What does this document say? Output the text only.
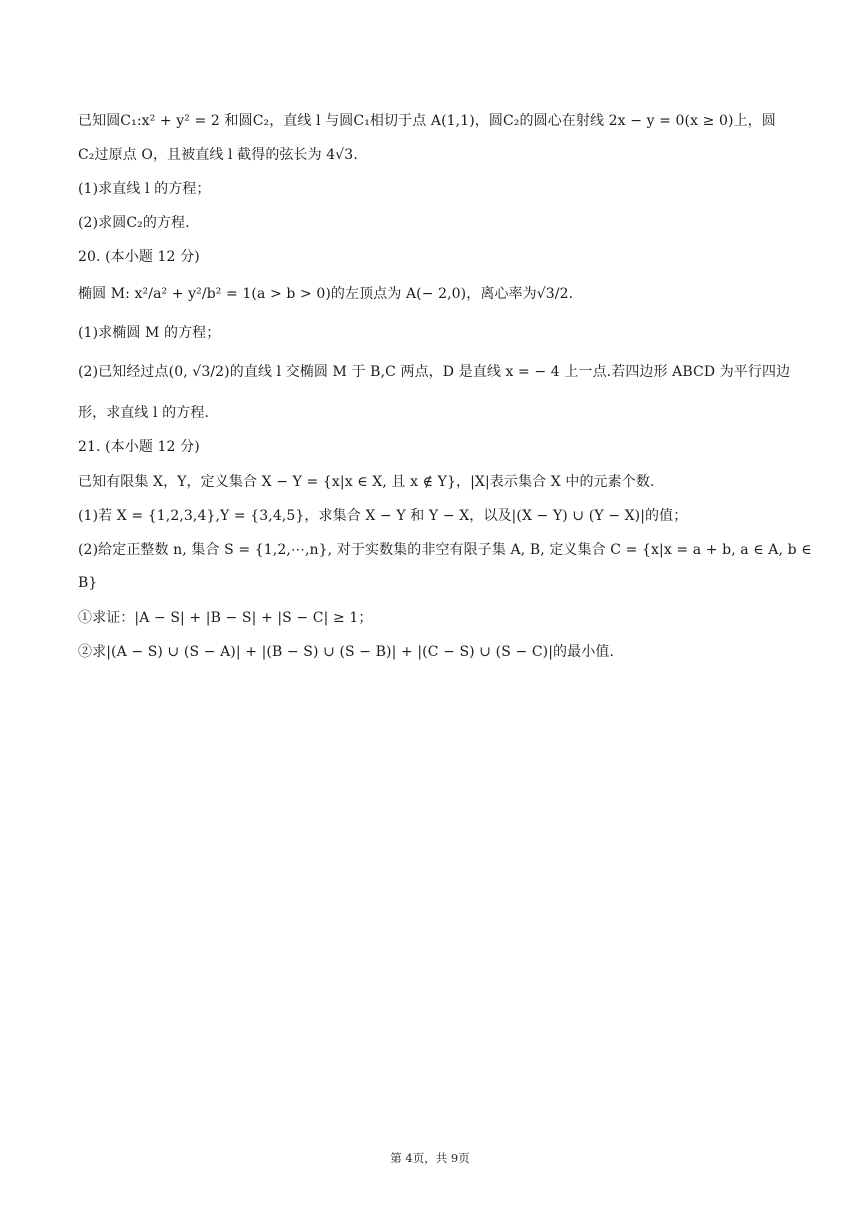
已知圆C₁:x² + y² = 2 和圆C₂，直线 l 与圆C₁相切于点 A(1,1)，圆C₂的圆心在射线 2x − y = 0(x ≥ 0)上，圆
C₂过原点 O，且被直线 l 截得的弦长为 4√3.
(1)求直线 l 的方程；
(2)求圆C₂的方程.
20. (本小题 12 分)
椭圆 M: x²/a² + y²/b² = 1(a > b > 0)的左顶点为 A(− 2,0)，离心率为√3/2.
(1)求椭圆 M 的方程；
(2)已知经过点(0, √3/2)的直线 l 交椭圆 M 于 B,C 两点，D 是直线 x = − 4 上一点.若四边形 ABCD 为平行四边
形，求直线 l 的方程.
21. (本小题 12 分)
已知有限集 X，Y，定义集合 X − Y = {x|x ∈ X, 且 x ∉ Y}，|X|表示集合 X 中的元素个数.
(1)若 X = {1,2,3,4},Y = {3,4,5}，求集合 X − Y 和 Y − X，以及|(X − Y) ∪ (Y − X)|的值；
(2)给定正整数 n, 集合 S = {1,2,⋯,n}, 对于实数集的非空有限子集 A, B, 定义集合 C = {x|x = a + b, a ∈ A, b ∈
B}
①求证：|A − S| + |B − S| + |S − C| ≥ 1；
②求|(A − S) ∪ (S − A)| + |(B − S) ∪ (S − B)| + |(C − S) ∪ (S − C)|的最小值.
第 4页，共 9页
